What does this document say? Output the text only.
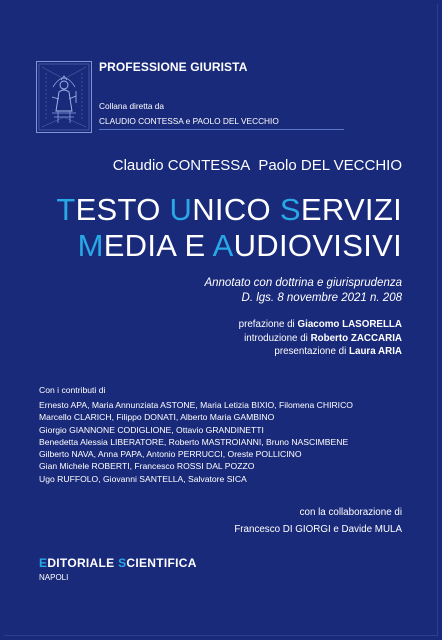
PROFESSIONE GIURISTA
Collana diretta da
CLAUDIO CONTESSA e PAOLO DEL VECCHIO
Claudio CONTESSA Paolo DEL VECCHIO
TESTO UNICO SERVIZI
MEDIA E AUDIOVISIVI
Annotato con dottrina e giurisprudenza
D. lgs. 8 novembre 2021 n. 208
prefazione di Giacomo LASORELLA
introduzione di Roberto ZACCARIA
presentazione di Laura ARIA
Con i contributi di
Ernesto APA, Maria Annunziata ASTONE, Maria Letizia BIXIO, Filomena CHIRICO
Marcello CLARICH, Filippo DONATI, Alberto Maria GAMBINO
Giorgio GIANNONE CODIGLIONE, Ottavio GRANDINETTI
Benedetta Alessia LIBERATORE, Roberto MASTROIANNI, Bruno NASCIMBENE
Gilberto NAVA, Anna PAPA, Antonio PERRUCCI, Oreste POLLICINO
Gian Michele ROBERTI, Francesco ROSSI DAL POZZO
Ugo RUFFOLO, Giovanni SANTELLA, Salvatore SICA
con la collaborazione di
Francesco DI GIORGI e Davide MULA
EDITORIALE SCIENTIFICA
NAPOLI
